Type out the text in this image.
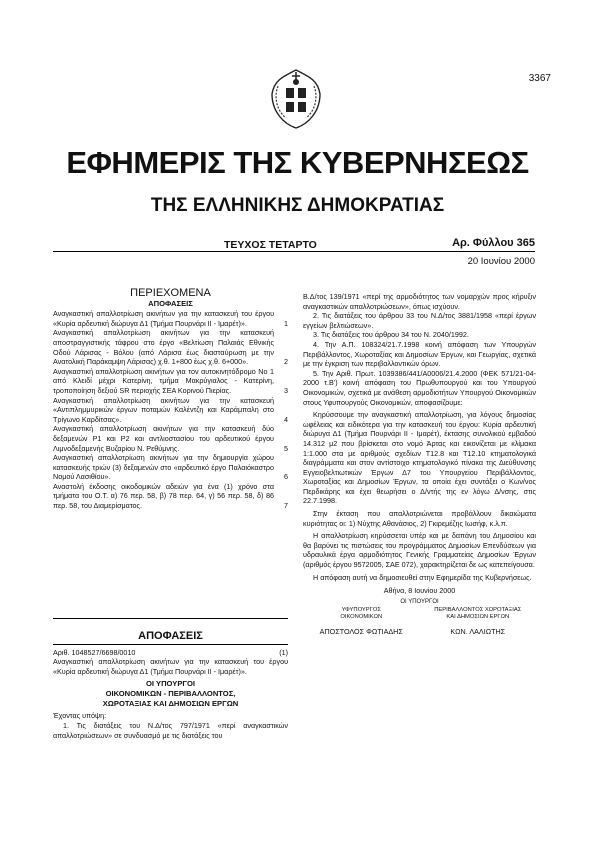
3367
ΕΦΗΜΕΡΙΣ ΤΗΣ ΚΥΒΕΡΝΗΣΕΩΣ
ΤΗΣ ΕΛΛΗΝΙΚΗΣ ΔΗΜΟΚΡΑΤΙΑΣ
ΤΕΥΧΟΣ ΤΕΤΑΡΤΟ	Αρ. Φύλλου 365
20 Ιουνίου 2000
ΠΕΡΙΕΧΟΜΕΝΑ
ΑΠΟΦΑΣΕΙΣ
Αναγκαστική απαλλοτρίωση ακινήτων για την κατασκευή του έργου «Κυρία αρδευτική διώρυγα Δ1 (Τμήμα Πουρνάρι ΙΙ - Ιμαρέτ)».	1
Αναγκαστική απαλλοτρίωση ακινήτων για την κατασκευή αποστραγγιστικής τάφρου στο έργο «Βελτίωση Παλαιάς Εθνικής Οδού Λάρισας - Βόλου (από Λάρισα έως διασταύρωση με την Ανατολική Παράκαμψη Λάρισας) χ.θ. 1+800 έως χ.θ. 6+000».	2
Αναγκαστική απαλλοτρίωση ακινήτων για τον αυτοκινητόδρομο Νο 1 από Κλειδί μέχρι Κατερίνη, τμήμα Μακρύγιαλος - Κατερίνη, τροποποίηση δεξιού SR περιοχής ΣΕΑ Κορινού Πιερίας.	3
Αναγκαστική απαλλοτρίωση ακινήτων για την κατασκευή «Αντιπλημμυρικών έργων ποταμών Καλέντζη και Καράμπαλη στο Τρίγωνο Καρδίτσας».	4
Αναγκαστική απαλλοτρίωση ακινήτων για την κατασκευή δύο δεξαμενών Ρ1 και Ρ2 και αντλιοστασίου του αρδευτικού έργου Λιμνοδεξαμενής Βυζαρίου Ν. Ρεθύμνης.	5
Αναγκαστική απαλλοτρίωση ακινήτων για την δημιουργία χώρου κατασκευής τριών (3) δεξαμενών στο «αρδευτικό έργο Παλαιόκαστρο Νομού Λασιθίου».	6
Αναστολή έκδοσης οικοδομικών αδειών για ένα (1) χρόνο στα τμήματα του Ο.Τ. α) 76 περ. 58, β) 78 περ. 64, γ) 56 περ. 58, δ) 86 περ. 58, του Διαμερίσματος.	7
ΑΠΟΦΑΣΕΙΣ
Αριθ. 1048527/6698/0010	(1)

Αναγκαστική απαλλοτρίωση ακινήτων για την κατασκευή του έργου «Κυρία αρδευτική διώρυγα Δ1 (Τμήμα Πουρνάρι ΙΙ - Ιμαρέτ)».

ΟΙ ΥΠΟΥΡΓΟΙ

ΟΙΚΟΝΟΜΙΚΩΝ - ΠΕΡΙΒΑΛΛΟΝΤΟΣ,

ΧΩΡΟΤΑΞΙΑΣ ΚΑΙ ΔΗΜΟΣΙΩΝ ΕΡΓΩΝ

Έχοντας υπόψη:

1. Τις διατάξεις του Ν.Δ/τος 797/1971 «περί αναγκαστικών απαλλοτριώσεων» σε συνδυασμό με τις διατάξεις του

Β.Δ/τος 139/1971 «περί της αρμοδιότητος των νομαρχών προς κήρυξιν αναγκαστικών απαλλοτριώσεων», όπως ισχύουν.

2. Τις διατάξεις του άρθρου 33 του Ν.Δ/τος 3881/1958 «περί έργων εγγείων βελτιώσεων».

3. Τις διατάξεις του άρθρου 34 του Ν. 2040/1992.

4. Την Α.Π. 108324/21.7.1998 κοινή απόφαση των Υπουργών Περιβάλλοντος, Χωροταξίας και Δημοσίων Έργων, και Γεωργίας, σχετικά με την έγκριση των περιβαλλοντικών όρων.

5. Την Αριθ. Πρωτ. 1039386/441/Α0006/21.4.2000 (ΦΕΚ 571/21-04-2000 τ.Β') κοινή απόφαση του Πρωθυπουργού και του Υπουργού Οικονομικών, σχετικά με ανάθεση αρμοδιοτήτων Υπουργού Οικονομικών στους Υφυπουργούς Οικονομικών, αποφασίζουμε:

Κηρύσσουμε την αναγκαστική απαλλοτρίωση, για λόγους δημοσίας ωφέλειας και ειδικότερα για την κατασκευή του έργου: Κυρία αρδευτική διώρυγα Δ1 (Τμήμα Πουρνάρι ΙΙ - Ιμαρέτ), έκτασης συνολικού εμβαδού 14.312 μ2 που βρίσκεται στο νομό Άρτας και εικονίζεται με κλίμακα 1:1.000 στα με αριθμούς σχεδίων Τ12.8 και Τ12.10 κτηματολογικά διαγράμματα και στον αντίστοιχο κτηματολογικό πίνακα της Διεύθυνσης Εγγειοβελτιωτικών Έργων Δ7 του Υπουργείου Περιβάλλοντος, Χωροταξίας και Δημοσίων Έργων, τα οποία έχει συντάξει ο Κων/νος Περδικάρης και έχει θεωρήσει ο Δ/ντής της εν λόγω Δ/νσης, στις 22.7.1998.

Στην έκταση που απαλλοτριώνεται προβάλλουν δικαιώματα κυριότητας οι: 1) Νύχτης Αθανάσιος, 2) Γκιρεμέζης Ιωσήφ, κ.λ.π.

Η απαλλοτρίωση κηρύσσεται υπέρ και με δαπάνη του Δημοσίου και θα βαρύνει τις πιστώσεις του προγράμματος Δημοσίων Επενδύσεων για υδραυλικά έργα αρμοδιότητος Γενικής Γραμματείας Δημοσίων Έργων (αριθμός έργου 9572005, ΣΑΕ 072), χαρακτηρίζεται δε ως κατεπείγουσα.

Η απόφαση αυτή να δημοσιευθεί στην Εφημερίδα της Κυβερνήσεως.

Αθήνα, 8 Ιουνίου 2000

ΟΙ ΥΠΟΥΡΓΟΙ

ΥΦΥΠΟΥΡΓΟΣ	ΠΕΡΙΒΑΛΛΟΝΤΟΣ ΧΩΡΟΤΑΞΙΑΣ
ΟΙΚΟΝΟΜΙΚΩΝ	ΚΑΙ ΔΗΜΟΣΙΩΝ ΕΡΓΩΝ
ΑΠΟΣΤΟΛΟΣ ΦΩΤΙΑΔΗΣ	ΚΩΝ. ΛΑΛΙΩΤΗΣ
